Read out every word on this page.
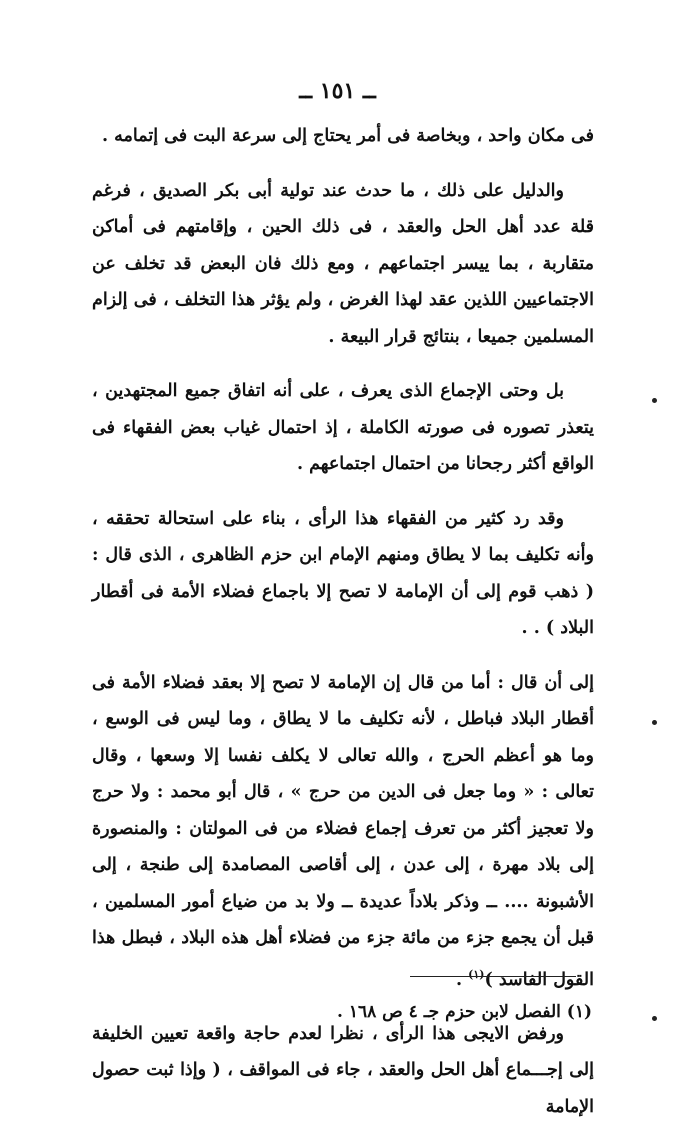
ــ ١٥١ ــ

فى مكان واحد ، وبخاصة فى أمر يحتاج إلى سرعة البت فى إتمامه .

والدليل على ذلك ، ما حدث عند تولية أبى بكر الصديق ، فرغم قلة عدد أهل الحل والعقد ، فى ذلك الحين ، وإقامتهم فى أماكن متقاربة ، بما ييسر اجتماعهم ، ومع ذلك فان البعض قد تخلف عن الاجتماعيين اللذين عقد لهذا الغرض ، ولم يؤثر هذا التخلف ، فى إلزام المسلمين جميعا ، بنتائج قرار البيعة .

بل وحتى الإجماع الذى يعرف ، على أنه اتفاق جميع المجتهدين ، يتعذر تصوره فى صورته الكاملة ، إذ احتمال غياب بعض الفقهاء فى الواقع أكثر رجحانا من احتمال اجتماعهم .

وقد رد كثير من الفقهاء هذا الرأى ، بناء على استحالة تحققه ، وأنه تكليف بما لا يطاق ومنهم الإمام ابن حزم الظاهرى ، الذى قال : ( ذهب قوم إلى أن الإمامة لا تصح إلا باجماع فضلاء الأمة فى أقطار البلاد ) . .

إلى أن قال : أما من قال إن الإمامة لا تصح إلا بعقد فضلاء الأمة فى أقطار البلاد فباطل ، لأنه تكليف ما لا يطاق ، وما ليس فى الوسع ، وما هو أعظم الحرج ، والله تعالى لا يكلف نفسا إلا وسعها ، وقال تعالى : « وما جعل فى الدين من حرج » ، قال أبو محمد : ولا حرج ولا تعجيز أكثر من تعرف إجماع فضلاء من فى المولتان : والمنصورة إلى بلاد مهرة ، إلى عدن ، إلى أقاصى المصامدة إلى طنجة ، إلى الأشبونة .... ــ وذكر بلاداً عديدة ــ ولا بد من ضياع أمور المسلمين ، قبل أن يجمع جزء من مائة جزء من فضلاء أهل هذه البلاد ، فبطل هذا القول الفاسد )$^{(١)}$ .

ورفض الايجى هذا الرأى ، نظرا لعدم حاجة واقعة تعيين الخليفة إلى إجـــماع أهل الحل والعقد ، جاء فى المواقف ، ( وإذا ثبت حصول الإمامة

(١) الفصل لابن حزم جـ ٤ ص ١٦٨ .
